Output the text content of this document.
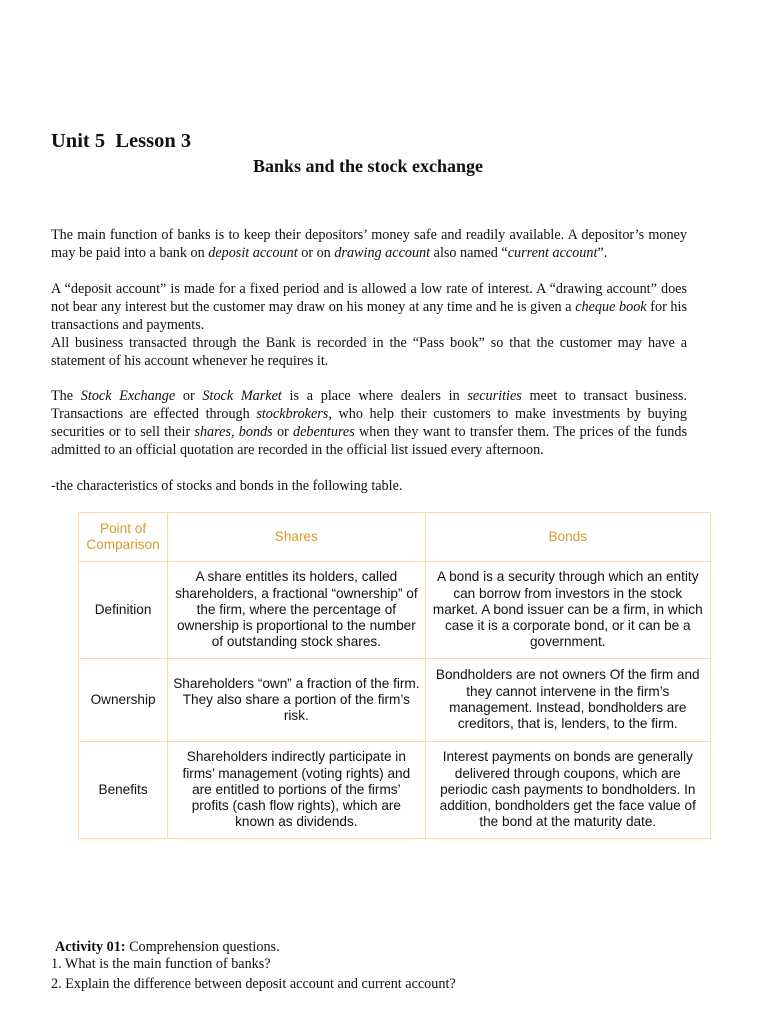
Unit 5  Lesson 3
Banks and the stock exchange

The main function of banks is to keep their depositors’ money safe and readily available. A depositor’s money may be paid into a bank on deposit account or on drawing account also named “current account”.

A “deposit account” is made for a fixed period and is allowed a low rate of interest. A “drawing account” does not bear any interest but the customer may draw on his money at any time and he is given a cheque book for his transactions and payments.

All business transacted through the Bank is recorded in the “Pass book” so that the customer may have a statement of his account whenever he requires it.

The Stock Exchange or Stock Market is a place where dealers in securities meet to transact business. Transactions are effected through stockbrokers, who help their customers to make investments by buying securities or to sell their shares, bonds or debentures when they want to transfer them. The prices of the funds admitted to an official quotation are recorded in the official list issued every afternoon.

-the characteristics of stocks and bonds in the following table.
Point of Comparison	Shares	Bonds
Definition	A share entitles its holders, called shareholders, a fractional “ownership” of the firm, where the percentage of ownership is proportional to the number of outstanding stock shares.	A bond is a security through which an entity can borrow from investors in the stock market. A bond issuer can be a firm, in which case it is a corporate bond, or it can be a government.
Ownership	Shareholders “own” a fraction of the firm. They also share a portion of the firm’s risk.	Bondholders are not owners Of the firm and they cannot intervene in the firm’s management. Instead, bondholders are creditors, that is, lenders, to the firm.
Benefits	Shareholders indirectly participate in firms’ management (voting rights) and are entitled to portions of the firms’ profits (cash flow rights), which are known as dividends.	Interest payments on bonds are generally delivered through coupons, which are periodic cash payments to bondholders. In addition, bondholders get the face value of the bond at the maturity date.
Activity 01: Comprehension questions.
1. What is the main function of banks?
2. Explain the difference between deposit account and current account?
